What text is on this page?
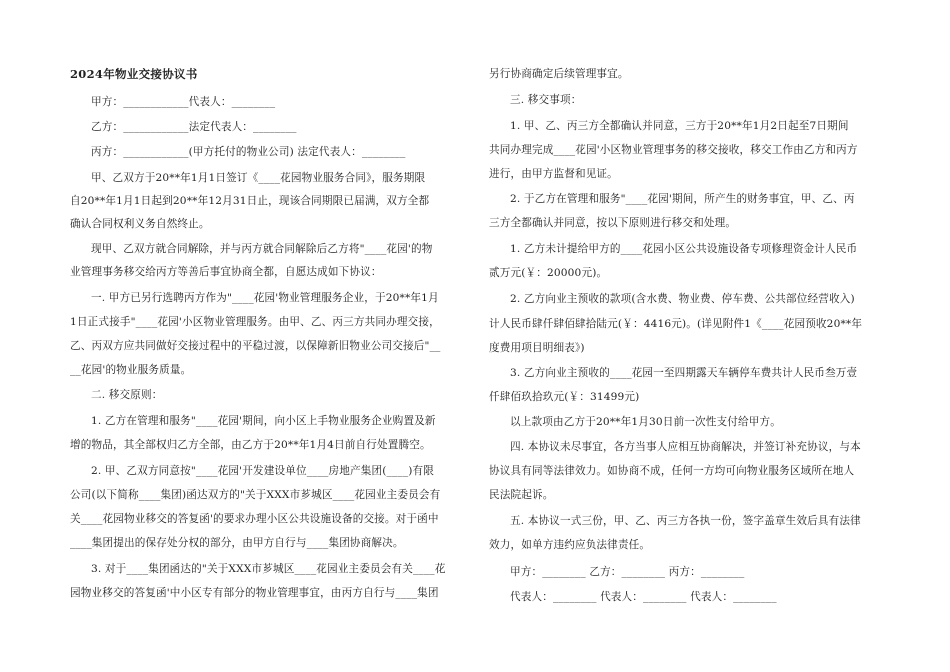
2024年物业交接协议书
甲方：____________代表人：________
乙方：____________法定代表人：________
丙方：____________(甲方托付的物业公司) 法定代表人：________
甲、乙双方于20**年1月1日签订《____花园物业服务合同》，服务期限
自20**年1月1日起到20**年12月31日止，现该合同期限已届满，双方全都
确认合同权利义务自然终止。
现甲、乙双方就合同解除，并与丙方就合同解除后乙方将"____花园'的物
业管理事务移交给丙方等善后事宜协商全都，自愿达成如下协议：
一. 甲方已另行选聘丙方作为"____花园'物业管理服务企业，于20**年1月
1日正式接手"____花园'小区物业管理服务。由甲、乙、丙三方共同办理交接，
乙、丙双方应共同做好交接过程中的平稳过渡，以保障新旧物业公司交接后"__
__花园'的物业服务质量。
二. 移交原则：
1. 乙方在管理和服务"____花园'期间，向小区上手物业服务企业购置及新
增的物品，其全部权归乙方全部，由乙方于20**年1月4日前自行处置腾空。
2. 甲、乙双方同意按"____花园'开发建设单位____房地产集团(____)有限
公司(以下简称____集团)函达双方的"关于XXX市芗城区____花园业主委员会有
关____花园物业移交的答复函'的要求办理小区公共设施设备的交接。对于函中
____集团提出的保存处分权的部分，由甲方自行与____集团协商解决。
3. 对于____集团函达的"关于XXX市芗城区____花园业主委员会有关____花
园物业移交的答复函'中小区专有部分的物业管理事宜，由丙方自行与____集团
另行协商确定后续管理事宜。
三. 移交事项：
1. 甲、乙、丙三方全都确认并同意，三方于20**年1月2日起至7日期间
共同办理完成____花园'小区物业管理事务的移交接收，移交工作由乙方和丙方
进行，由甲方监督和见证。
2. 于乙方在管理和服务"____花园'期间，所产生的财务事宜，甲、乙、丙
三方全都确认并同意，按以下原则进行移交和处理。
1. 乙方未计提给甲方的____花园小区公共设施设备专项修理资金计人民币
贰万元(￥：20000元)。
2. 乙方向业主预收的款项(含水费、物业费、停车费、公共部位经营收入)
计人民币肆仟肆佰肆拾陆元(￥：4416元)。(详见附件1《____花园预收20**年
度费用项目明细表》)
3. 乙方向业主预收的____花园一至四期露天车辆停车费共计人民币叁万壹
仟肆佰玖拾玖元(￥：31499元)
以上款项由乙方于20**年1月30日前一次性支付给甲方。
四. 本协议未尽事宜，各方当事人应相互协商解决，并签订补充协议，与本
协议具有同等法律效力。如协商不成，任何一方均可向物业服务区域所在地人
民法院起诉。
五. 本协议一式三份，甲、乙、丙三方各执一份，签字盖章生效后具有法律
效力，如单方违约应负法律责任。
甲方：________ 乙方：________ 丙方：________
代表人：________ 代表人：________ 代表人：________
